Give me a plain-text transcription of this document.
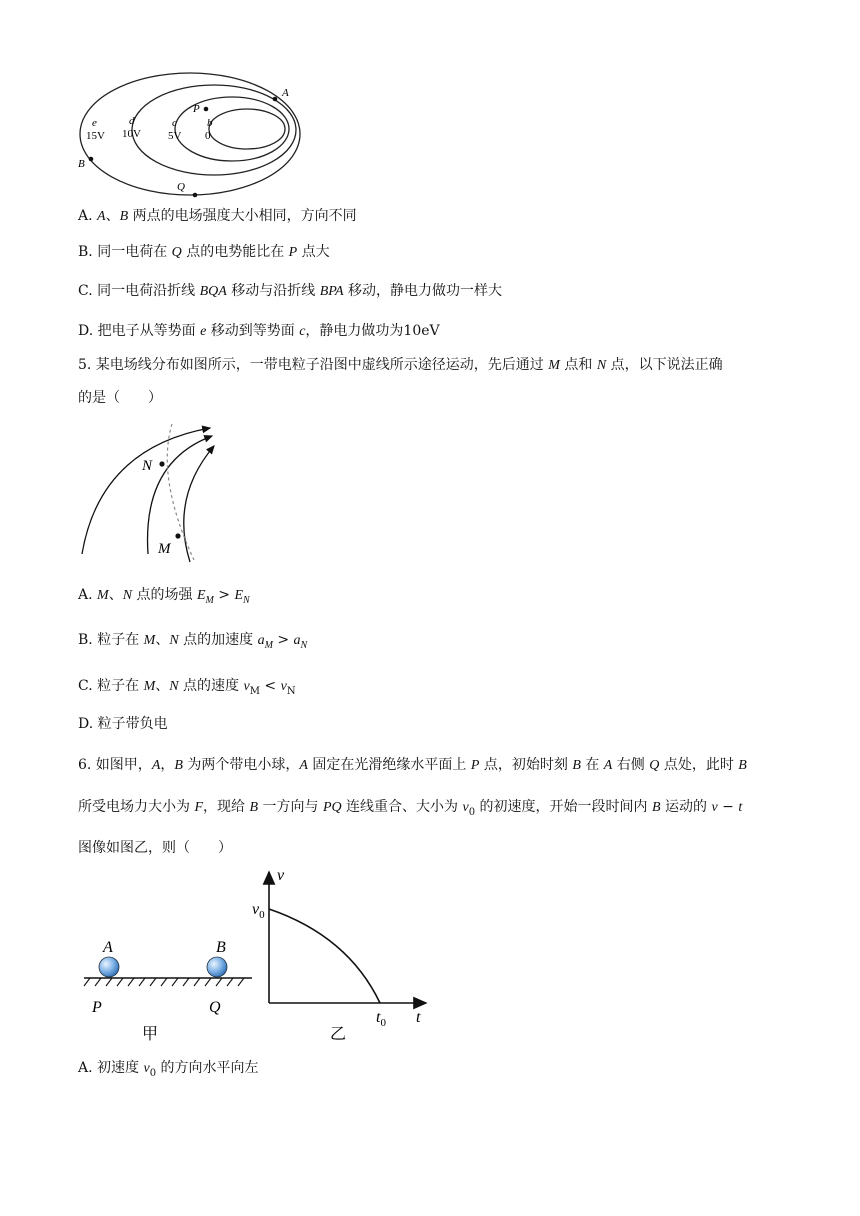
A
B
P
Q
e
15V
d
10V
c
5V
b
0
A. A、B 两点的电场强度大小相同，方向不同
B. 同一电荷在 Q 点的电势能比在 P 点大
C. 同一电荷沿折线 BQA 移动与沿折线 BPA 移动，静电力做功一样大
D. 把电子从等势面 e 移动到等势面 c，静电力做功为10eV
5. 某电场线分布如图所示，一带电粒子沿图中虚线所示途径运动，先后通过 M 点和 N 点，以下说法正确
的是（　　）
N
M
A. M、N 点的场强 $E_M > E_N$
B. 粒子在 M、N 点的加速度 $a_M > a_N$
C. 粒子在 M、N 点的速度 $v_M < v_N$
D. 粒子带负电
6. 如图甲，A，B 为两个带电小球，A 固定在光滑绝缘水平面上 P 点，初始时刻 B 在 A 右侧 Q 点处，此时 B
所受电场力大小为 F，现给 B 一方向与 PQ 连线重合、大小为 $v_0$ 的初速度，开始一段时间内 B 运动的 v − t
图像如图乙，则（　　）
A	B
P	Q
甲
v
$v_0$
t
$t_0$
乙
A. 初速度 $v_0$ 的方向水平向左
